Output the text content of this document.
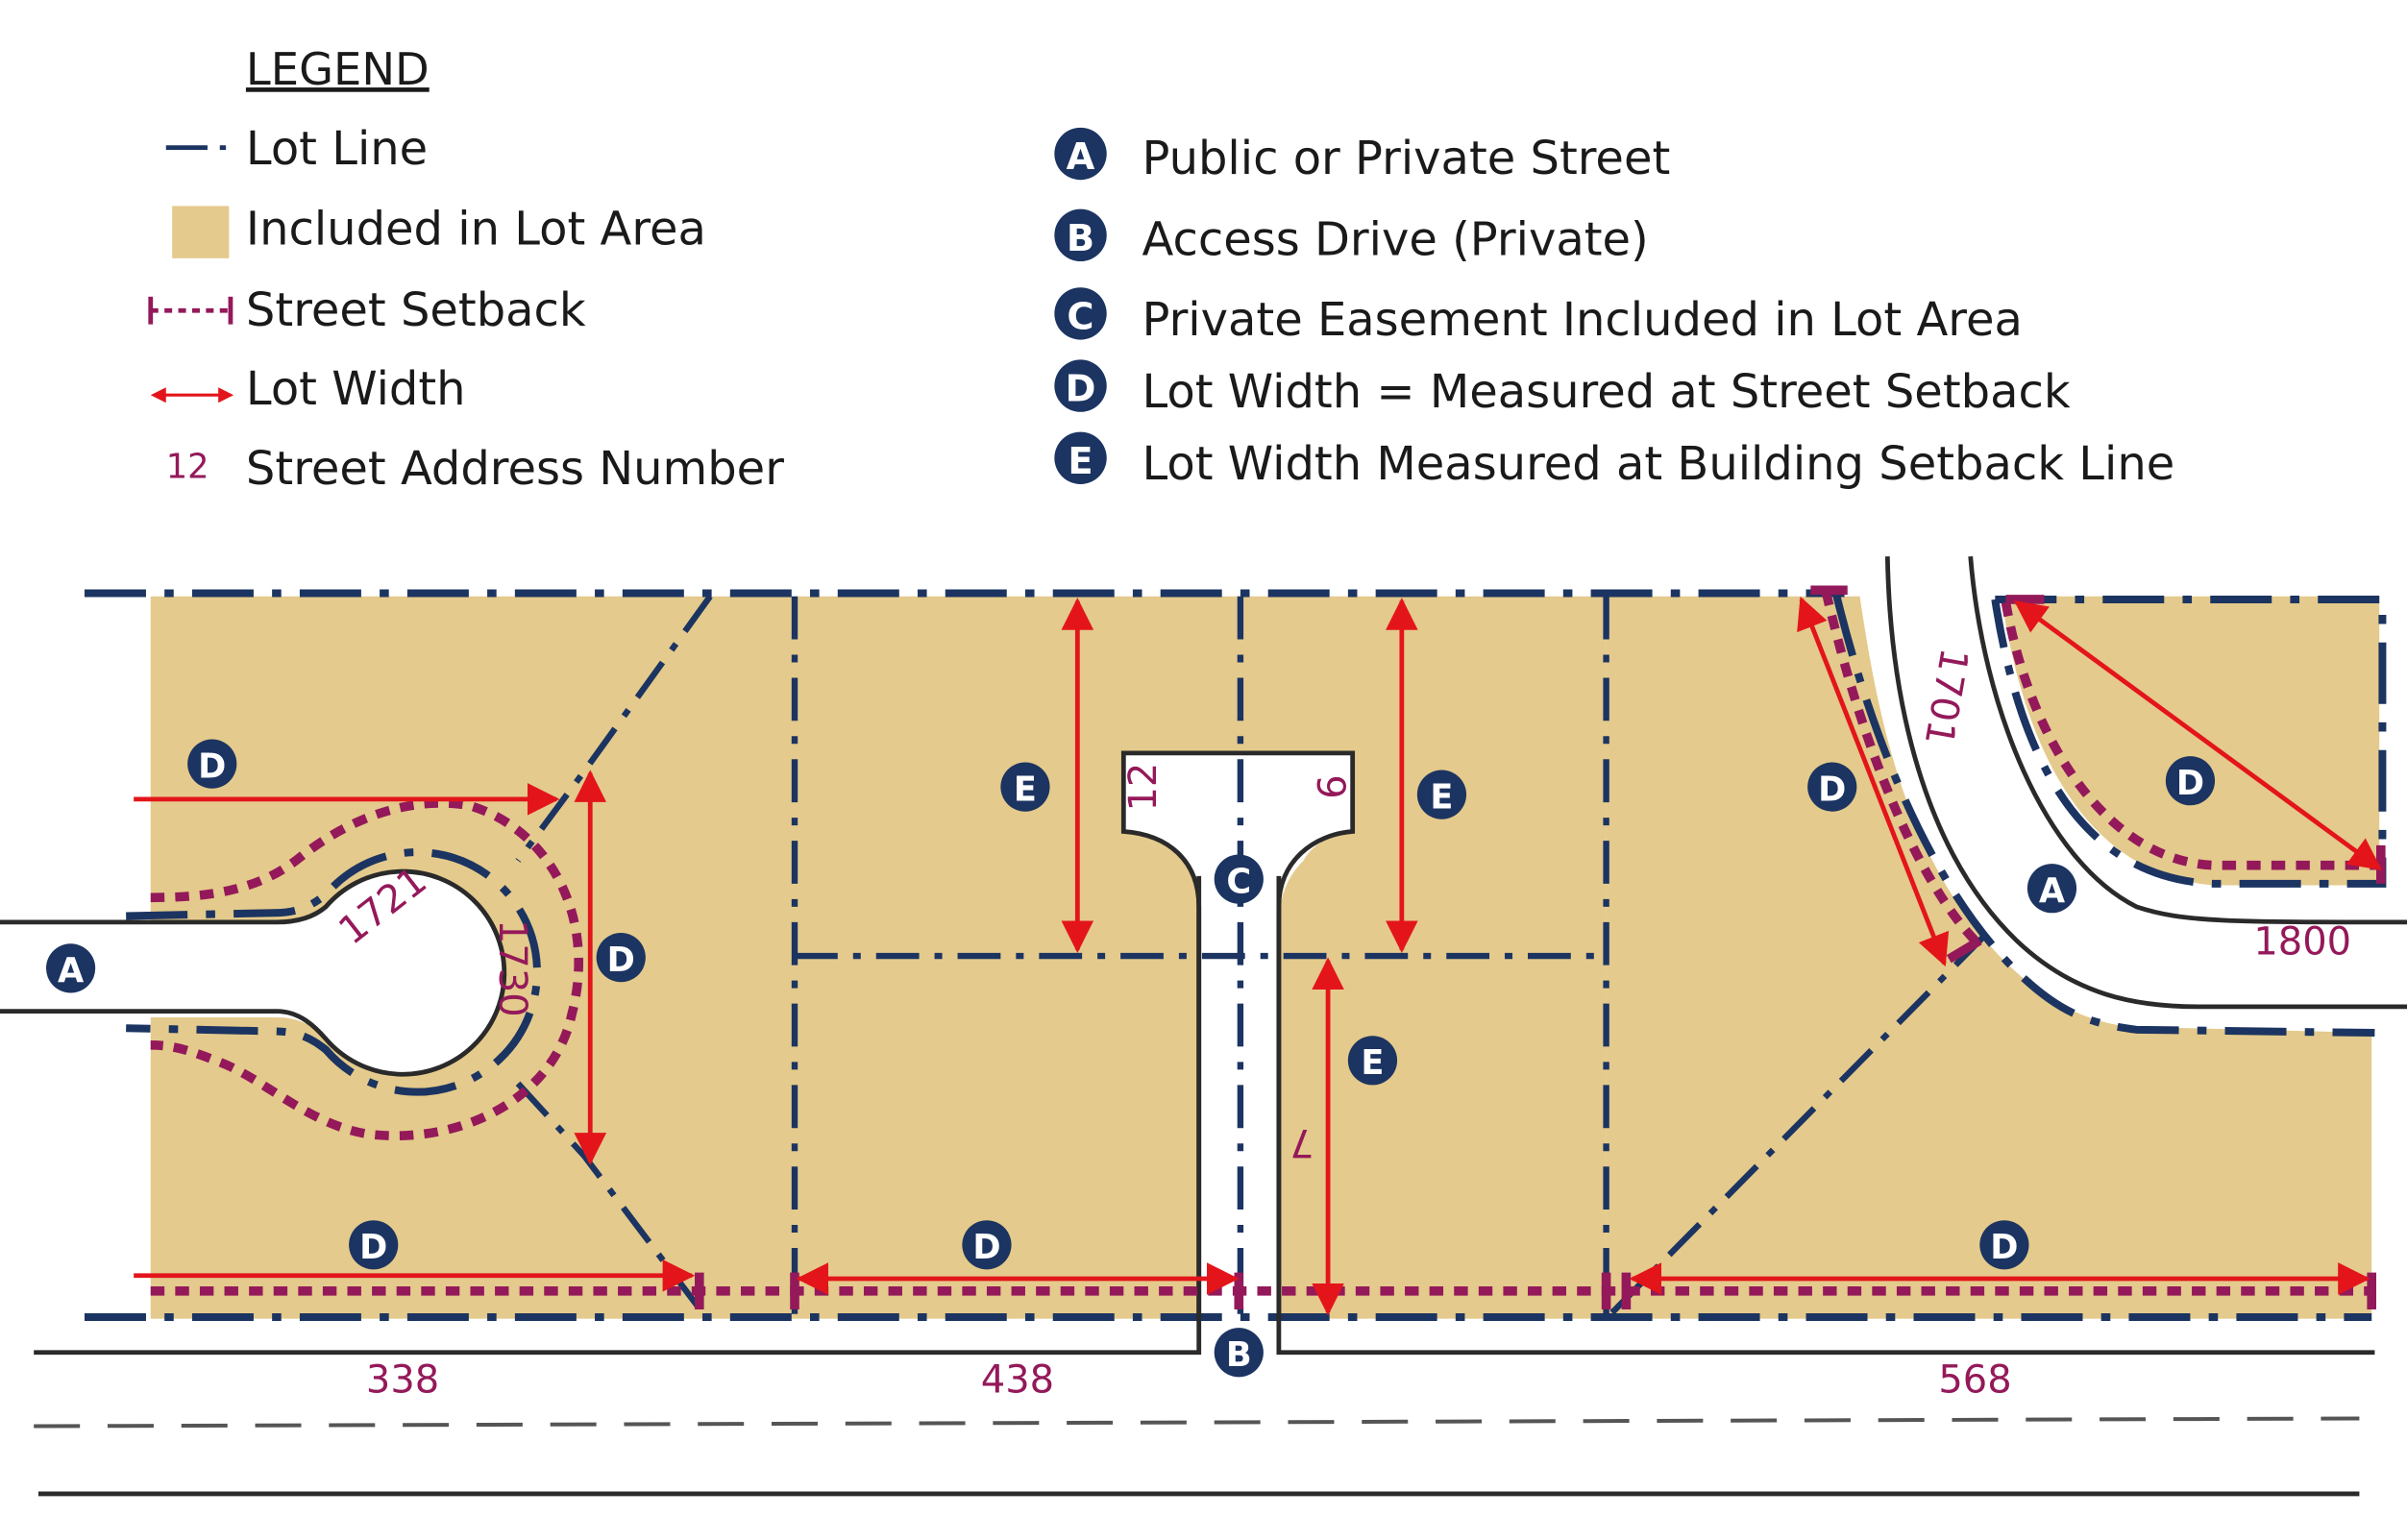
LEGEND
Lot Line
Included in Lot Area
Street Setback
Lot Width
12 Street Address Number
A Public or Private Street
B Access Drive (Private)
C Private Easement Included in Lot Area
D Lot Width = Measured at Street Setback
E Lot Width Measured at Building Setback Line
338	438	568
1800
1721
1730
12	9
7
1701
A
A
B
C
D
D
D	D	D
D	D
E	E
E
